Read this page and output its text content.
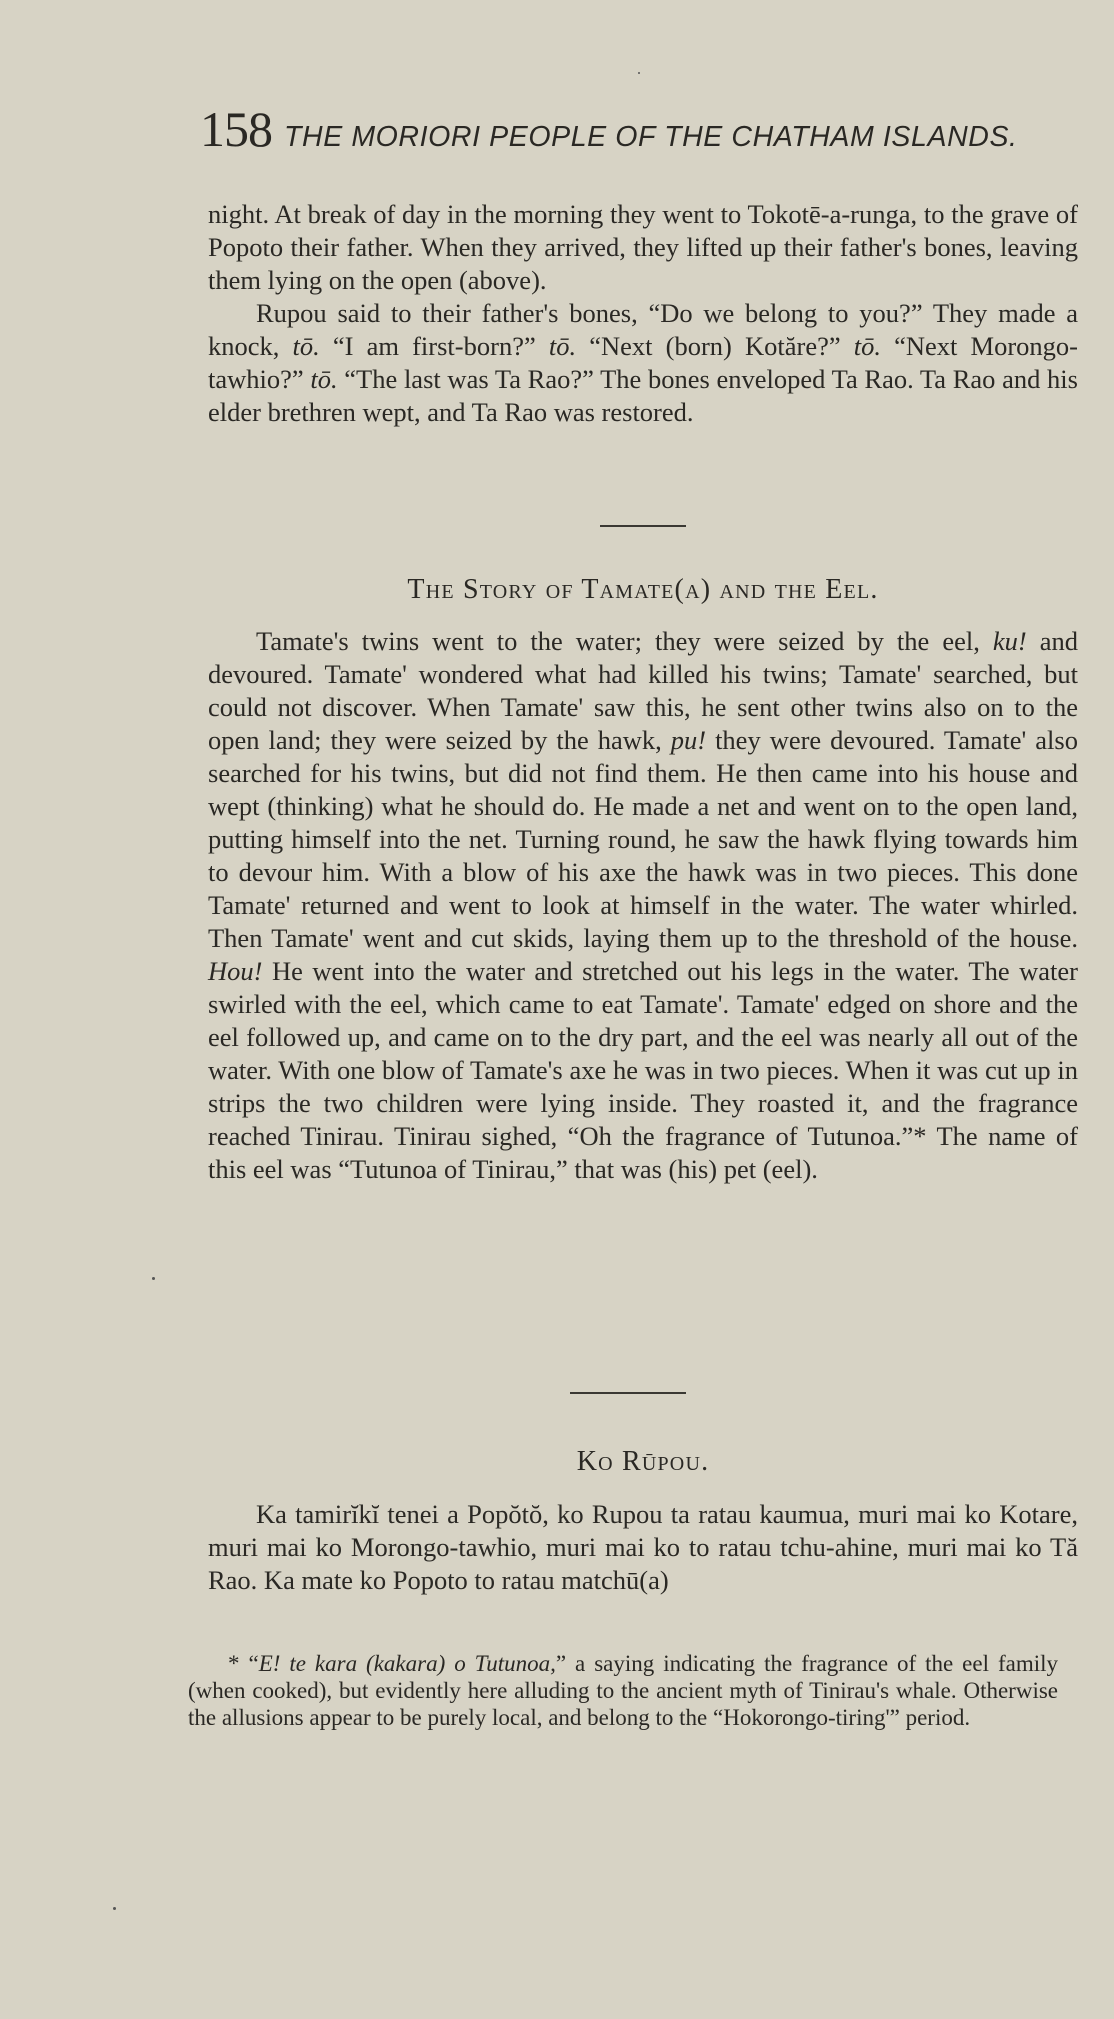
158 THE MORIORI PEOPLE OF THE CHATHAM ISLANDS.

night. At break of day in the morning they went to Tokotē-a-runga, to the grave of Popoto their father. When they arrived, they lifted up their father's bones, leaving them lying on the open (above).

Rupou said to their father's bones, “Do we belong to you?” They made a knock, tō. “I am first-born?” tō. “Next (born) Kotăre?” tō. “Next Morongo-tawhio?” tō. “The last was Ta Rao?” The bones enveloped Ta Rao. Ta Rao and his elder brethren wept, and Ta Rao was restored.

The Story of Tamate(a) and the Eel.

Tamate's twins went to the water; they were seized by the eel, ku! and devoured. Tamate' wondered what had killed his twins; Tamate' searched, but could not discover. When Tamate' saw this, he sent other twins also on to the open land; they were seized by the hawk, pu! they were devoured. Tamate' also searched for his twins, but did not find them. He then came into his house and wept (thinking) what he should do. He made a net and went on to the open land, putting himself into the net. Turning round, he saw the hawk flying towards him to devour him. With a blow of his axe the hawk was in two pieces. This done Tamate' returned and went to look at himself in the water. The water whirled. Then Tamate' went and cut skids, laying them up to the threshold of the house. Hou! He went into the water and stretched out his legs in the water. The water swirled with the eel, which came to eat Tamate'. Tamate' edged on shore and the eel followed up, and came on to the dry part, and the eel was nearly all out of the water. With one blow of Tamate's axe he was in two pieces. When it was cut up in strips the two children were lying inside. They roasted it, and the fragrance reached Tinirau. Tinirau sighed, “Oh the fragrance of Tutunoa.”* The name of this eel was “Tutunoa of Tinirau,” that was (his) pet (eel).

Ko Rūpou.

Ka tamirĭkĭ tenei a Popŏtŏ, ko Rupou ta ratau kaumua, muri mai ko Kotare, muri mai ko Morongo-tawhio, muri mai ko to ratau tchu-ahine, muri mai ko Tă Rao. Ka mate ko Popoto to ratau matchū(a)

* “E! te kara (kakara) o Tutunoa,” a saying indicating the fragrance of the eel family (when cooked), but evidently here alluding to the ancient myth of Tinirau's whale. Otherwise the allusions appear to be purely local, and belong to the “Hokorongo-tiring'” period.
